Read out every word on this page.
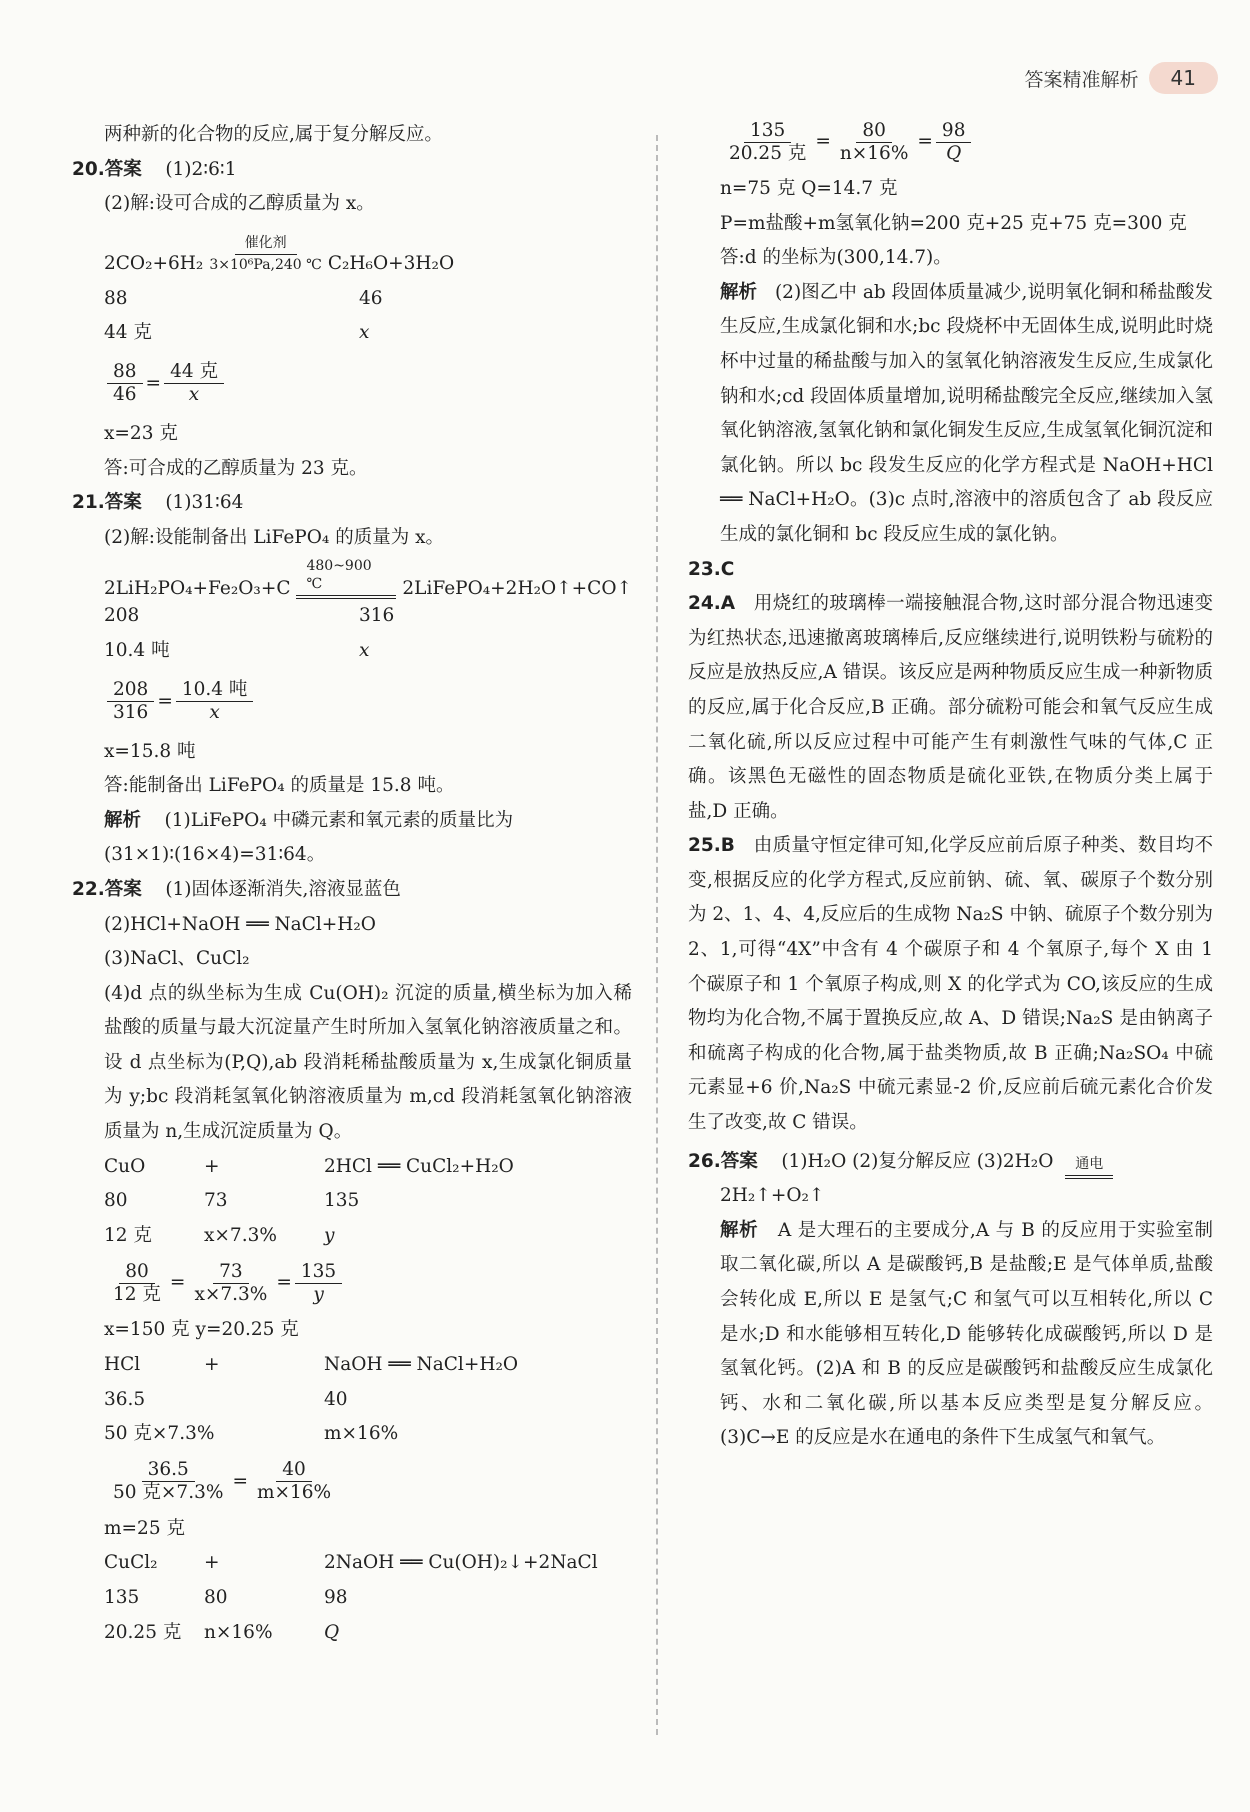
答案精准解析	41
两种新的化合物的反应,属于复分解反应。
20.答案 (1)2∶6∶1
(2)解:设可合成的乙醇质量为 x。
2CO₂+6H₂
催化剂
3×10⁶Pa,240 ℃ C₂H₆O+3H₂O
88	46
44 克	x
$\frac{88}{46} = \frac{\text{44 克}}{x}$
x=23 克
答:可合成的乙醇质量为 23 克。
21.答案 (1)31∶64
(2)解:设能制备出 LiFePO₄ 的质量为 x。
2LiH₂PO₄+Fe₂O₃+C
480~900 ℃	2LiFePO₄+2H₂O↑+CO↑
208	316
10.4 吨	x
$\frac{208}{316} = \frac{\text{10.4 吨}}{x}$
x=15.8 吨
答:能制备出 LiFePO₄ 的质量是 15.8 吨。
解析 (1)LiFePO₄ 中磷元素和氧元素的质量比为
(31×1)∶(16×4)=31∶64。
22.答案 (1)固体逐渐消失,溶液显蓝色
(2)HCl+NaOH ══ NaCl+H₂O
(3)NaCl、CuCl₂
(4)d 点的纵坐标为生成 Cu(OH)₂ 沉淀的质量,横坐标为加入稀盐酸的质量与最大沉淀量产生时所加入氢氧化钠溶液质量之和。设 d 点坐标为(P,Q),ab 段消耗稀盐酸质量为 x,生成氯化铜质量为 y;bc 段消耗氢氧化钠溶液质量为 m,cd 段消耗氢氧化钠溶液质量为 n,生成沉淀质量为 Q。
CuO	+	2HCl ══ CuCl₂+H₂O
80	73	135
12 克	x×7.3%	y
$\frac{80}{\text{12 克}} = \frac{73}{x\times 7.3\%} = \frac{135}{y}$
x=150 克 y=20.25 克
HCl	+	NaOH ══ NaCl+H₂O
36.5	40
50 克×7.3%	m×16%
$\frac{36.5}{\text{50 克×7.3\%}} = \frac{40}{m\times 16\%}$
m=25 克
CuCl₂	+	2NaOH ══ Cu(OH)₂↓+2NaCl
135	80	98
20.25 克	n×16%	Q
$\frac{135}{\text{20.25 克}} = \frac{80}{n\times 16\%} = \frac{98}{Q}$
n=75 克 Q=14.7 克
P=m盐酸+m氢氧化钠=200 克+25 克+75 克=300 克
答:d 的坐标为(300,14.7)。
解析 (2)图乙中 ab 段固体质量减少,说明氧化铜和稀盐酸发生反应,生成氯化铜和水;bc 段烧杯中无固体生成,说明此时烧杯中过量的稀盐酸与加入的氢氧化钠溶液发生反应,生成氯化钠和水;cd 段固体质量增加,说明稀盐酸完全反应,继续加入氢氧化钠溶液,氢氧化钠和氯化铜发生反应,生成氢氧化铜沉淀和氯化钠。所以 bc 段发生反应的化学方程式是 NaOH+HCl ══ NaCl+H₂O。(3)c 点时,溶液中的溶质包含了 ab 段反应生成的氯化铜和 bc 段反应生成的氯化钠。
23.C
24.A 用烧红的玻璃棒一端接触混合物,这时部分混合物迅速变为红热状态,迅速撤离玻璃棒后,反应继续进行,说明铁粉与硫粉的反应是放热反应,A 错误。该反应是两种物质反应生成一种新物质的反应,属于化合反应,B 正确。部分硫粉可能会和氧气反应生成二氧化硫,所以反应过程中可能产生有刺激性气味的气体,C 正确。该黑色无磁性的固态物质是硫化亚铁,在物质分类上属于盐,D 正确。
25.B 由质量守恒定律可知,化学反应前后原子种类、数目均不变,根据反应的化学方程式,反应前钠、硫、氧、碳原子个数分别为 2、1、4、4,反应后的生成物 Na₂S 中钠、硫原子个数分别为 2、1,可得“4X”中含有 4 个碳原子和 4 个氧原子,每个 X 由 1 个碳原子和 1 个氧原子构成,则 X 的化学式为 CO,该反应的生成物均为化合物,不属于置换反应,故 A、D 错误;Na₂S 是由钠离子和硫离子构成的化合物,属于盐类物质,故 B 正确;Na₂SO₄ 中硫元素显+6 价,Na₂S 中硫元素显-2 价,反应前后硫元素化合价发生了改变,故 C 错误。
26.答案 (1)H₂O (2)复分解反应 (3)2H₂O	通电
2H₂↑+O₂↑
解析 A 是大理石的主要成分,A 与 B 的反应用于实验室制取二氧化碳,所以 A 是碳酸钙,B 是盐酸;E 是气体单质,盐酸会转化成 E,所以 E 是氢气;C 和氢气可以互相转化,所以 C 是水;D 和水能够相互转化,D 能够转化成碳酸钙,所以 D 是氢氧化钙。(2)A 和 B 的反应是碳酸钙和盐酸反应生成氯化钙、水和二氧化碳,所以基本反应类型是复分解反应。(3)C→E 的反应是水在通电的条件下生成氢气和氧气。
